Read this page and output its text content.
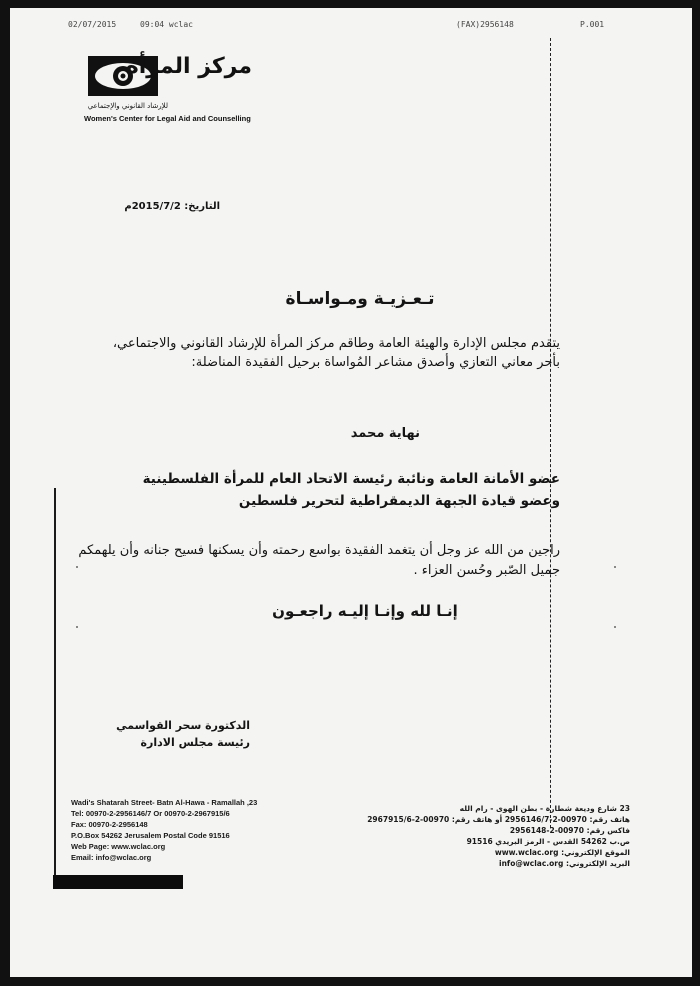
02/07/2015	09:04 wclac	(FAX)2956148	P.001
مركز المرأة
للإرشاد القانوني والإجتماعي
Women's Center for Legal Aid and Counselling
التاريخ: 2015/7/2م
تـعـزيـة ومـواسـاة
يتقدم مجلس الإدارة والهيئة العامة وطاقم مركز المرأة للإرشاد القانوني والاجتماعي، بأحر معاني التعازي وأصدق مشاعر المُواساة برحيل الفقيدة المناضلة:
نهاية محمد
عضو الأمانة العامة ونائبة رئيسة الاتحاد العام للمرأة الفلسطينية
وعضو قيادة الجبهة الديمقراطية لتحرير فلسطين
راجين من الله عز وجل أن يتغمد الفقيدة بواسع رحمته وأن يسكنها فسيح جنانه وأن يلهمكم جميل الصّبر وحُسن العزاء .
إنـا لله وإنـا إليـه راجعـون
الدكتورة سحر القواسمي
رئيسة مجلس الادارة
Wadi's Shatarah Street- Batn Al-Hawa - Ramallah ,23
Tel: 00970-2-2956146/7 Or 00970-2-2967915/6
Fax: 00970-2-2956148
P.O.Box 54262 Jerusalem Postal Code 91516
Web Page: www.wclac.org
Email: info@wclac.org
23 شارع وديعة شطارة - بطن الهوى - رام الله
هاتف رقم: 00970-2-2956146/7 أو هاتف رقم: 00970-2-2967915/6
فاكس رقم: 00970-2-2956148
ص.ب 54262 القدس - الرمز البريدي 91516
الموقع الإلكتروني: www.wclac.org
البريد الإلكتروني: info@wclac.org
